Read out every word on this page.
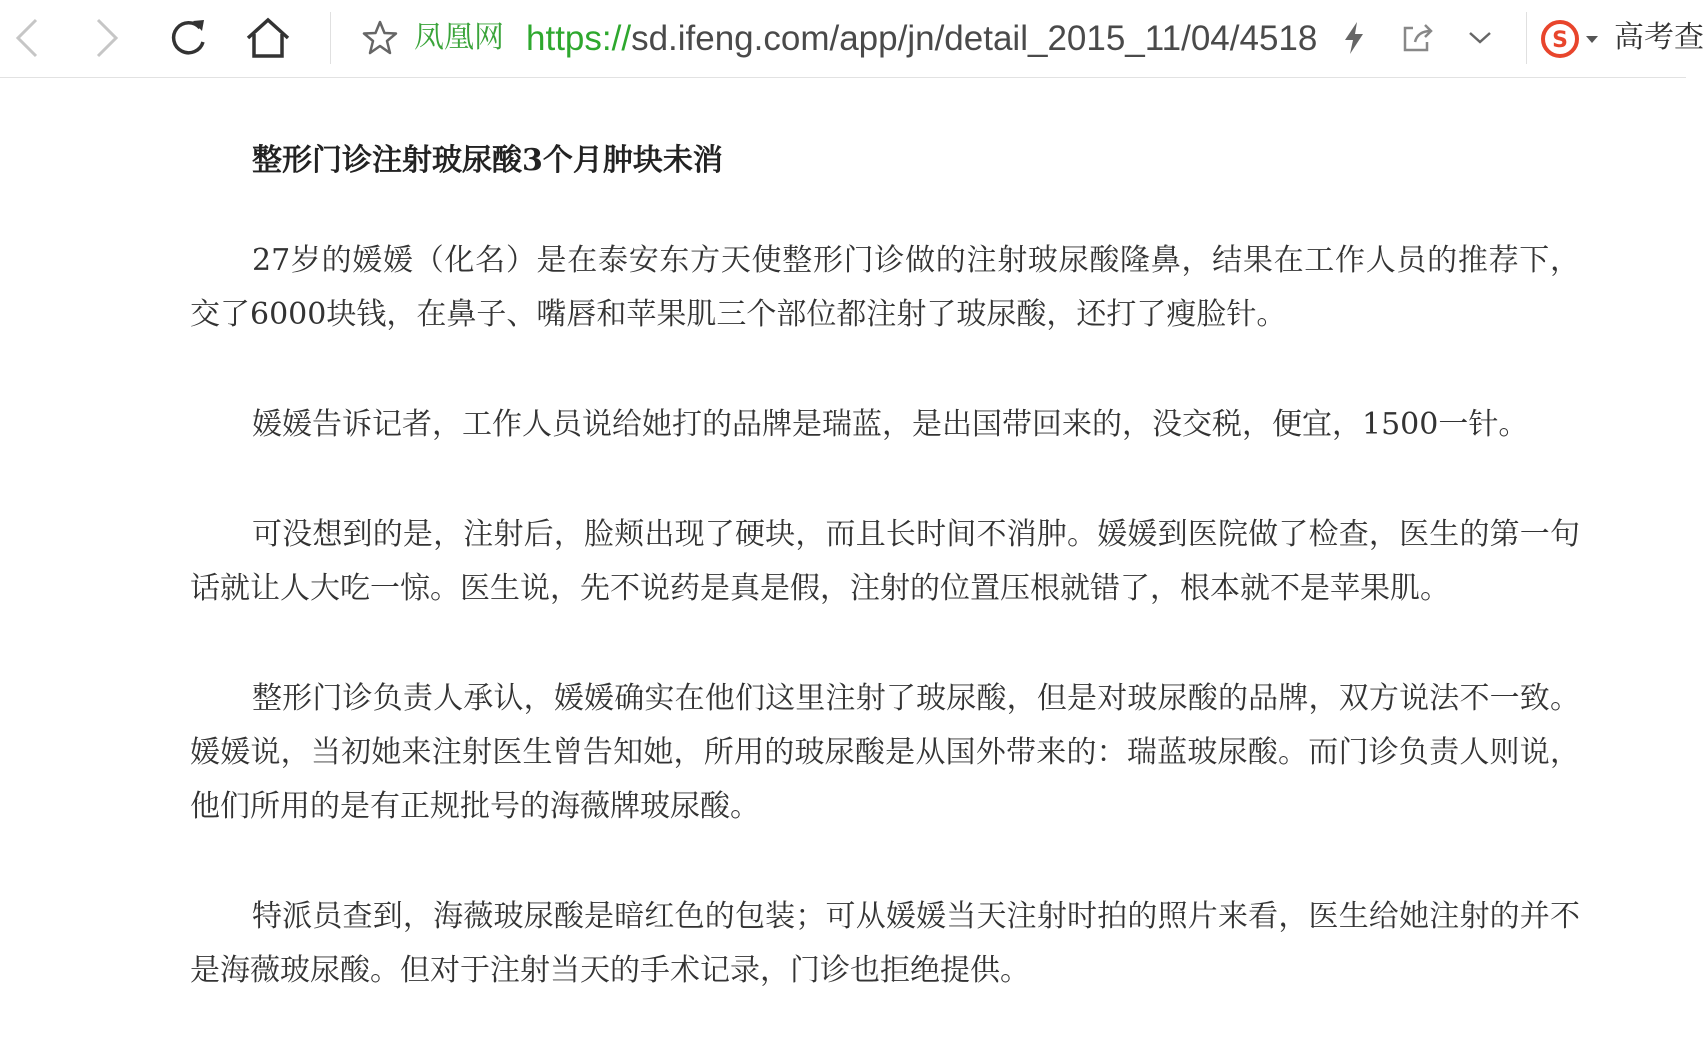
凤凰网 https://sd.ifeng.com/app/jn/detail_2015_11/04/4518	S 高考查
整形门诊注射玻尿酸3个月肿块未消

27岁的媛媛（化名）是在泰安东方天使整形门诊做的注射玻尿酸隆鼻，结果在工作人员的推荐下，交了6000块钱，在鼻子、嘴唇和苹果肌三个部位都注射了玻尿酸，还打了瘦脸针。

媛媛告诉记者，工作人员说给她打的品牌是瑞蓝，是出国带回来的，没交税，便宜，1500一针。

可没想到的是，注射后，脸颊出现了硬块，而且长时间不消肿。媛媛到医院做了检查，医生的第一句话就让人大吃一惊。医生说，先不说药是真是假，注射的位置压根就错了，根本就不是苹果肌。

整形门诊负责人承认，媛媛确实在他们这里注射了玻尿酸，但是对玻尿酸的品牌，双方说法不一致。媛媛说，当初她来注射医生曾告知她，所用的玻尿酸是从国外带来的：瑞蓝玻尿酸。而门诊负责人则说，他们所用的是有正规批号的海薇牌玻尿酸。

特派员查到，海薇玻尿酸是暗红色的包装；可从媛媛当天注射时拍的照片来看，医生给她注射的并不是海薇玻尿酸。但对于注射当天的手术记录，门诊也拒绝提供。
